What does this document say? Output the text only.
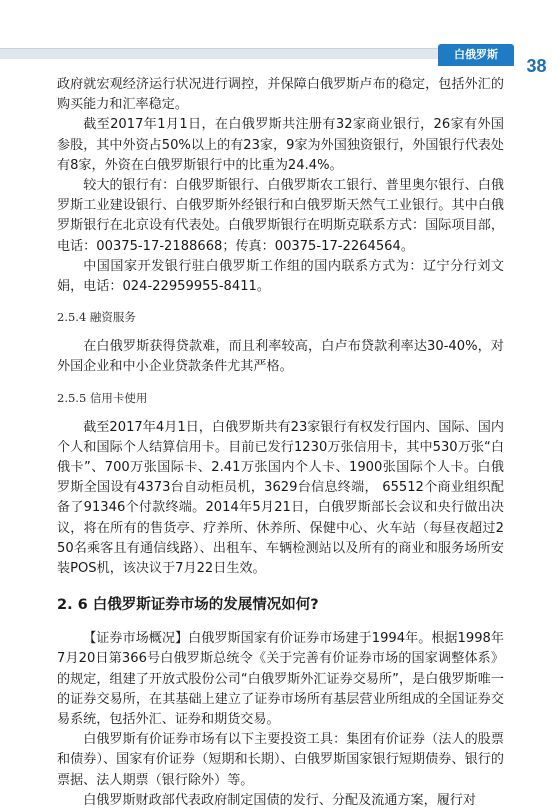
白俄罗斯
38

政府就宏观经济运行状况进行调控，并保障白俄罗斯卢布的稳定，包括外汇的购买能力和汇率稳定。

截至2017年1月1日，在白俄罗斯共注册有32家商业银行，26家有外国参股，其中外资占50%以上的有23家，9家为外国独资银行，外国银行代表处有8家，外资在白俄罗斯银行中的比重为24.4%。

较大的银行有：白俄罗斯银行、白俄罗斯农工银行、普里奥尔银行、白俄罗斯工业建设银行、白俄罗斯外经银行和白俄罗斯天然气工业银行。其中白俄罗斯银行在北京设有代表处。白俄罗斯银行在明斯克联系方式：国际项目部，电话：00375-17-2188668；传真：00375-17-2264564。

中国国家开发银行驻白俄罗斯工作组的国内联系方式为：辽宁分行刘文娟，电话：024-22959955-8411。

2.5.4 融资服务

在白俄罗斯获得贷款难，而且利率较高，白卢布贷款利率达30-40%，对外国企业和中小企业贷款条件尤其严格。

2.5.5 信用卡使用

截至2017年4月1日，白俄罗斯共有23家银行有权发行国内、国际、国内个人和国际个人结算信用卡。目前已发行1230万张信用卡，其中530万张“白俄卡”、700万张国际卡、2.41万张国内个人卡、1900张国际个人卡。白俄罗斯全国设有4373台自动柜员机，3629台信息终端， 65512个商业组织配备了91346个付款终端。2014年5月21日，白俄罗斯部长会议和央行做出决议，将在所有的售货亭、疗养所、休养所、保健中心、火车站（每昼夜超过250名乘客且有通信线路）、出租车、车辆检测站以及所有的商业和服务场所安装POS机，该决议于7月22日生效。

2. 6 白俄罗斯证券市场的发展情况如何?

【证券市场概况】白俄罗斯国家有价证券市场建于1994年。根据1998年7月20日第366号白俄罗斯总统令《关于完善有价证券市场的国家调整体系》的规定，组建了开放式股份公司“白俄罗斯外汇证券交易所”，是白俄罗斯唯一的证券交易所，在其基础上建立了证券市场所有基层营业所组成的全国证券交易系统，包括外汇、证券和期货交易。

白俄罗斯有价证券市场有以下主要投资工具：集团有价证券（法人的股票和债券）、国家有价证券（短期和长期）、白俄罗斯国家银行短期债券、银行的票据、法人期票（银行除外）等。

白俄罗斯财政部代表政府制定国债的发行、分配及流通方案，履行对
